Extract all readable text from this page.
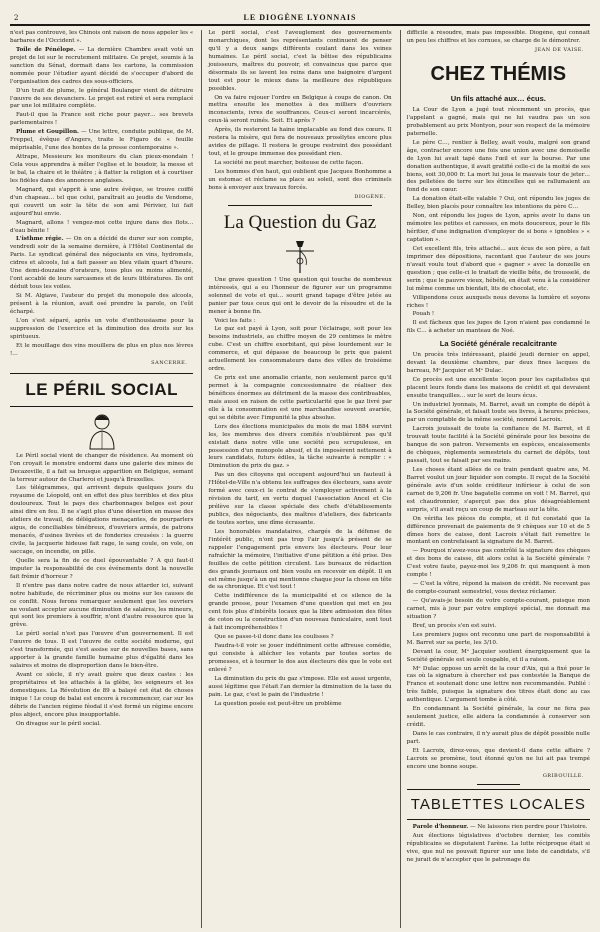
2	LE DIOGÈNE LYONNAIS

n'est pas controuvé, les Chinois ont raison de nous appeler les « barbares de l'Occident ».

Toile de Pénélope. — La dernière Chambre avait voté un projet de loi sur le recrutement militaire. Ce projet, soumis à la sanction du Sénat, dormait dans les cartons, la commission nommée pour l'étudier ayant décidé de s'occuper d'abord de l'organisation des cadres des sous-officiers.

D'un trait de plume, le général Boulanger vient de détruire l'œuvre de ses devanciers. Le projet est retiré et sera remplacé par une loi militaire complète.

Faut-il que la France soit riche pour payer… ses brevets parlementaires !

Plume et Goupillon. — Une lettre, conduite publique, de M. Freppel, évêque d'Angers, traite le Figaro de « feuille méprisable, l'une des hontes de la presse contemporaine ».

Attrape, Messieurs les moniteurs du clan pieux-mondain ! Cela vous apprendra à mêler l'eglise et le boudoir, la messe et le bal, la chaire et le théâtre ; à flatter la religion et à courtiser les fidèles dans des annonces anglaises.

Magnard, qui s'apprit à une autre évêque, se trouve coiffé d'un chapeau… tel que celui, paraîtrait au jeudis de Vendome, qui couvrit un soir la tête de son ami Périvier, lui fait aujourd'hui envie.

Magnard, allons ! vengez-moi cette injure dans des flots… d'eau bénite !

L'isthme régie. — On on a décidé de durer sur son compte, vendredi soir de la semaine dernière, à l'Hôtel Continental de Paris. Le syndicat général des négociants en vins, hydromels, cidres et alcools, lui a fait passer au bleu vilain quart d'heure. Une demi-douzaine d'orateurs, tous plus ou moins alimenté, l'ont accablé de leurs sarcasmes et de leurs littératures. Ils ont déduit tous les voiles.

Si M. Algiave, l'auteur du projet du monopole des alcools, présent à la réunion, avait osé prendre la parole, on l'eût écharpé.

L'on s'est séparé, après un vote d'enthousiasme pour la suppression de l'exercice et la diminution des droits sur les spiritueux.

Et le mouillage des vins mouillera de plus en plus nos lèvres !…

SANCERRE.
LE PÉRIL SOCIAL

Le Péril social vient de changer de résidence. Au moment où l'on croyait le monstre endormi dans une galerie des mines de Decazeville, il a fait sa brusque apparition en Belgique, semant la terreur autour de Charleroi et jusqu'à Bruxelles.

Les télégrammes, qui arrivent depuis quelques jours du royaume de Léopold, ont en effet des plus terribles et des plus douloureux. Tout le pays des charbonnages belges est pour ainsi dire en feu. Il ne s'agit plus d'une désertion en masse des ateliers de travail, de délégations menaçantes, de pourparlers aigus, de conciliables ténébreux, d'ouvriers armés, de patrons menacés, d'usines livrées et de fonderies creusées : la guerre civile, la jacquerie hideuse fait rage, le sang coule, on vole, on saccage, on incendie, on pille.

Quelle sera la fin de ce duel épouvantable ? A qui faut-il imputer la responsabilité de ces événements dont la nouvelle fait frémir d'horreur ?

Il n'entre pas dans notre cadre de nous attarder ici, suivant notre habitude, de récriminer plus ou moins sur les causes de ce conflit. Nous ferons remarquer seulement que les ouvriers ne voulant accepter aucune diminution de salaires, les mineurs, qui sont les premiers à souffrir, n'ont d'autre ressource que la grève.

Le péril social n'est pas l'œuvre d'un gouvernement. Il est l'œuvre de tous. Il est l'œuvre de cette société moderne, qui s'est transformée, qui s'est assise sur de nouvelles bases, sans apporter à la grande famille humaine plus d'égalité dans les salaires et moins de disproportion dans le bien-être.

Avant ce siècle, il n'y avait guère que deux castes : les propriétaires et les attachés à la glèbe, les seigneurs et les domestiques. La Révolution de 89 a balayé cet état de choses inique ! Le coup de balai est encore à recommencer, car sur les débris de l'ancien régime féodal il s'est formé un régime encore plus abject, encore plus insupportable.

On divague sur le péril social.

Le péril social, c'est l'aveuglement des gouvernements monarchiques, dont les représentants continuent de penser qu'il y a deux sangs différents coulant dans les veines humaines. Le péril social, c'est la bêtise des républicains jouisseurs, maîtres du pouvoir, et convaincus que parce que désormais ils se lavent les reins dans une baignoire d'argent tout est pour le mieux dans la meilleure des républiques possibles.

On va faire rejouer l'ordre en Belgique à coups de canon. On mettra ensuite les menottes à des milliers d'ouvriers inconscients, ivres de souffrances. Ceux-ci seront incarcérés, ceux-là seront ruinés. Soit. Et après ?

Après, ils resteront la haine implacable au fond des cœurs. Il restera la misère, qui fera de nouveaux prosélytes encore plus avides de pillage. Il restera le groupe restreint des possédant tout, et le groupe immense des possédant rien.

La société ne peut marcher, boiteuse de cette façon.

Les hommes d'en haut, qui oublient que Jacques Bonhomme a un estomac et réclame sa place au soleil, sont des criminels bons à envoyer aux travaux forcés.

DIOGÈNE.
La Question du Gaz

Une grave question ! Une question qui touche de nombreux intéressés, qui a eu l'honneur de figurer sur un programme solennel de vote et qui… sourit grand tapage d'être jetée au panier par tous ceux qui ont le devoir de la résoudre et de la mener à bonne fin.

Voici les faits :

Le gaz est payé à Lyon, soit pour l'éclairage, soit pour les besoins industriels, au chiffre moyen de 29 centimes le mètre cube. C'est un chiffre exorbitant, qui pèse lourdement sur le commerce, et qui dépasse de beaucoup le prix que paient actuellement les consommateurs dans des villes de troisième ordre.

Ce prix est une anomalie criante, non seulement parce qu'il permet à la compagnie concessionnaire de réaliser des bénéfices énormes au détriment de la masse des contribuables, mais aussi en raison de cette particularité que le gaz livré par elle à la consommation est une marchandise souvent avariée, qui se débite avec l'impunité la plus absolue.

Lors des élections municipales du mois de mai 1884 survint les, les membres des divers comités n'oublièrent pas qu'il existait dans notre ville une société peu scrupuleuse, en possession d'un monopole abusif, et ils imposèrent nettement à leurs candidats, futurs édiles, la tâche suivante à remplir : « Diminution du prix du gaz. »

Pas un des citoyens qui occupent aujourd'hui un fauteuil à l'Hôtel-de-Ville n'a obtenu les suffrages des électeurs, sans avoir formé avec ceux-ci le contrat de s'employer activement à la révision du tarif, en vertu duquel l'association Ancel et Cie prélève sur la classe spéciale des chefs d'établissements publics, des négociants, des maîtres d'ateliers, des fabricants de toutes sortes, une dîme écrasante.

Les honorables mandataires, chargés de la défense de l'intérêt public, n'ont pas trop l'air jusqu'à présent de se rappeler l'engagement pris envers les électeurs. Pour leur rafraîchir la mémoire, l'initiative d'une pétition a été prise. Des feuilles de cette pétition circulent. Les bureaux de rédaction des grands journaux ont bien voulu en recevoir en dépôt. Il en est même jusqu'à un qui mentionne chaque jour la chose en tête de sa chronique. Et c'est tout !

Cette indifférence de la municipalité et ce silence de la grande presse, pour l'examen d'une question qui met en jeu cent fois plus d'intérêts locaux que la libre admission des fêtes de coton ou la construction d'un nouveau funiculaire, sont tout à fait incompréhensibles !

Que se passe-t-il donc dans les coulisses ?

Faudra-t-il voir se jouer indéfiniment cette affreuse comédie, qui consiste à allécher les votants par toutes sortes de promesses, et à tourner le dos aux électeurs dès que le vote est enlevé ?

La diminution du prix du gaz s'impose. Elle est aussi urgente, aussi légitime que l'était l'an dernier la diminution de la taxe du pain. Le gaz, c'est le pain de l'industrie !

La question posée est peut-être un problème

difficile à résoudre, mais pas impossible. Diogène, qui connaît un peu les chiffres et les cornues, se charge de le démontrer.

JEAN DE VAISE.
CHEZ THÉMIS
Un fils attaché aux… écus.

La Cour de Lyon a jugé tout récemment un procès, que l'appelant a gagné, mais qui ne lui vaudra pas un sou probablement au prix Montyon, pour son respect de la mémoire paternelle.

Le père C…, rentier à Belley, avait voulu, malgré son grand âge, contracter encore une fois une union avec une demoiselle de Lyon lui avait tapé dans l'œil et sur la bourse. Par une donation authentique, il avait gratifié celle-ci de la moitié de ses biens, soit 30,000 fr. La mort lui joua le mauvais tour de jeter… des pelletées de terre sur les étincelles qui se rallumaient au fond de son cœur.

La donation était-elle valable ? Oui, ont répondu les juges de Belley, bien placés pour connaître les intentions du père C…

Non, ont répondu les juges de Lyon, après avoir lu dans un mémoire les petites et caresses, en mots doucereux, pour le fils héritier, d'une indignation d'employer de si bons « ignobles » « captation ».

Cet excellent fils, très attaché… aux écus de son père, a fait imprimer des dépositions, racontant que l'auteur de ses jours n'avait voulu tout d'abord que « gagner » avec la donzelle en question ; que celle-ci le traitait de vieille bête, de trousselé, de serin ; que le pauvre vieux, hébété, en était venu à la considérer lui même comme un bienfait, lits de chocolat, etc.

Villipendons ceux auxquels nous devons la lumière et soyons riches !

Pouah !

Il est fâcheux que les juges de Lyon n'aient pas condamné le fils C… à acheter un manteau de Noé.

La Société générale recalcitrante

Un procès très intéressant, plaidé jeudi dernier en appel, devant la deuxième chambre, par deux fines lacques du barreau, Mᵉ Jacquier et Mᵉ Dulac.

Ce procès est une excellente leçon pour les capitalistes qui placent leurs fonds dans les maisons de crédit et qui devraient ensuite tranquilles… sur le sort de leurs écus.

Un industriel lyonnais, M. Barret, avait un compte de dépôt à la Société générale, et faisait toute ses livres, à heures précises, par un comptable de la même société, nommé Lacroix.

Lacroix jouissait de toute la confiance de M. Barret, et il trouvait toute facilité à la Société générale pour les besoins de banque de son patron. Versements en espèces, encaissements de chèques, règlements semestriels du carnet de dépôts, tout passait, tout se faisait par ses mains.

Les choses étant allées de ce train pendant quatre ans, M. Barret voulut un jour liquider son compte. Il reçut de la Société générale avis d'un solde créditeur inférieur à celui de son carnet de 9,206 fr. Une bagatelle comme on voit ! M. Barret, qui est chaudronnier, s'aperçut pas des plus désagréablement surpris, s'il avait reçu un coup de marteau sur la tête.

On vérifia les pièces du compte, et il fut constaté que la différence provenait de paiements de 9 chèques sur 10 et de 5 dîmes hors de caisse, dont Lacroix s'était fait remettre le montant en contrefaisant la signature de M. Barret.

— Pourquoi n'avez-vous pas contrôlé la signature des chèques et des bons de caisse, dit alors celui à la Société générale ? C'est votre faute, payez-moi les 9,206 fr. qui manquent à mon compte !

— C'est la vôtre, répond la maison de crédit. Ne recevant pas de compte-courant semestriel, vous deviez réclamer.

— Qu'avais-je besoin de votre compte-courant, puisque mon carnet, mis à jour par votre employé spécial, me donnait ma situation ?

Bref, un procès s'en est suivi.

Les premiers juges ont reconnu une part de responsabilité à M. Barret sur sa perte, les 3/10.

Devant la cour, Mᵉ Jacquier soutient énergiquement que la Société générale est seule coupable, et il a raison.

Mᵉ Dulac oppose un arrêt de la cour d'Aix, qui a fixé pour le cas où la signature à chercher est pas contestée la Banque de France et soutenait donc une lettre non recommandée. Publié : très faible, puisque la signature des titres était donc au cas authentique. L'argument tombe à côté.

En condamnant la Société générale, la cour ne fera pas seulement justice, elle aidera la condamnée à conserver son crédit.

Dans le cas contraire, il n'y aurait plus de dépôt possible nulle part.

Et Lacroix, direz-vous, que devient-il dans cette affaire ? Lacroix se promène, tout étonné qu'on ne lui ait pas trempé encore une bonne soupe.

GRIBOUILLE.
TABLETTES LOCALES

Parole d'honneur. — Ne laissons rien perdre pour l'histoire.

Aux élections législatives d'octobre dernier, les comités républicains se disputaient l'arène. La lutte réciproque était si vive, que nul ne pouvait figurer sur une liste de candidats, s'il ne jurait de n'accepter que le patronage du
